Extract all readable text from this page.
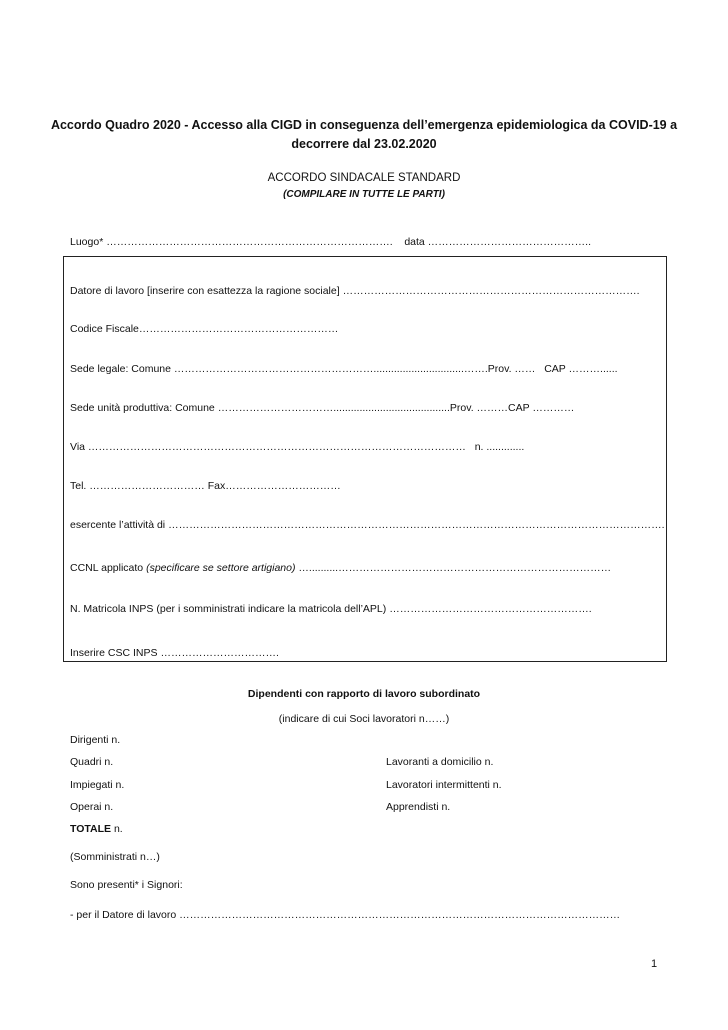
Accordo Quadro 2020 - Accesso alla CIGD in conseguenza dell’emergenza epidemiologica da COVID-19 a
decorrere dal 23.02.2020
ACCORDO SINDACALE STANDARD
(COMPILARE IN TUTTE LE PARTI)
Luogo* ………………………………………………………………………. data ………………………………………..
Datore di lavoro [inserire con esattezza la ragione sociale] ………………………………………………………………………….
Codice Fiscale…………………………………………………
Sede legale: Comune …………………………………………………...............................…….Prov. …… CAP ………......
Sede unità produttiva: Comune ……………………………........................................Prov. ………CAP …………
Via ……………………………………………………………………………………………… n. .............
Tel. …………………………… Fax……………………………
esercente l’attività di …………………………………………………………………………………………………………………………….
CCNL applicato (specificare se settore artigiano) …..........……………………………………………………………………
N. Matricola INPS (per i somministrati indicare la matricola dell’APL) ………………………………………………….
Inserire CSC INPS …………………………….
Dipendenti con rapporto di lavoro subordinato
(indicare di cui Soci lavoratori n……)
Dirigenti n.
Quadri n.
Impiegati n.
Operai n.
Lavoranti a domicilio n.
Lavoratori intermittenti n.
Apprendisti n.
TOTALE n.
(Somministrati n…)
Sono presenti* i Signori:
- per il Datore di lavoro ………………………………………………………………………………………………………………
1
